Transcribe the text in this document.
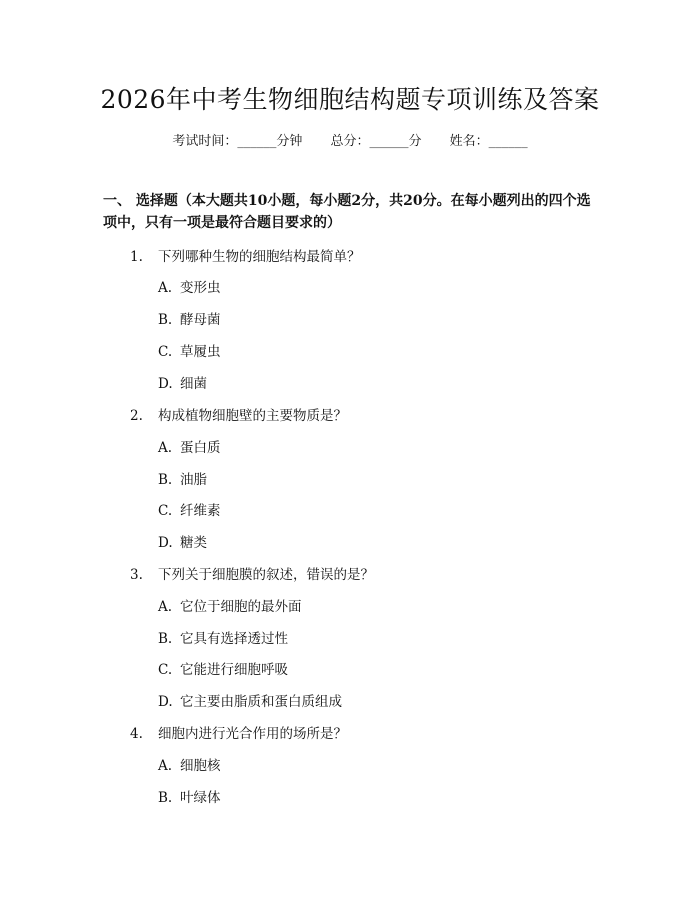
2026年中考生物细胞结构题专项训练及答案
考试时间：______分钟 总分：______分 姓名：______
一、 选择题（本大题共10小题，每小题2分，共20分。在每小题列出的四个选项中，只有一项是最符合题目要求的）
1. 下列哪种生物的细胞结构最简单？
A. 变形虫
B. 酵母菌
C. 草履虫
D. 细菌
2. 构成植物细胞壁的主要物质是？
A. 蛋白质
B. 油脂
C. 纤维素
D. 糖类
3. 下列关于细胞膜的叙述，错误的是？
A. 它位于细胞的最外面
B. 它具有选择透过性
C. 它能进行细胞呼吸
D. 它主要由脂质和蛋白质组成
4. 细胞内进行光合作用的场所是？
A. 细胞核
B. 叶绿体
